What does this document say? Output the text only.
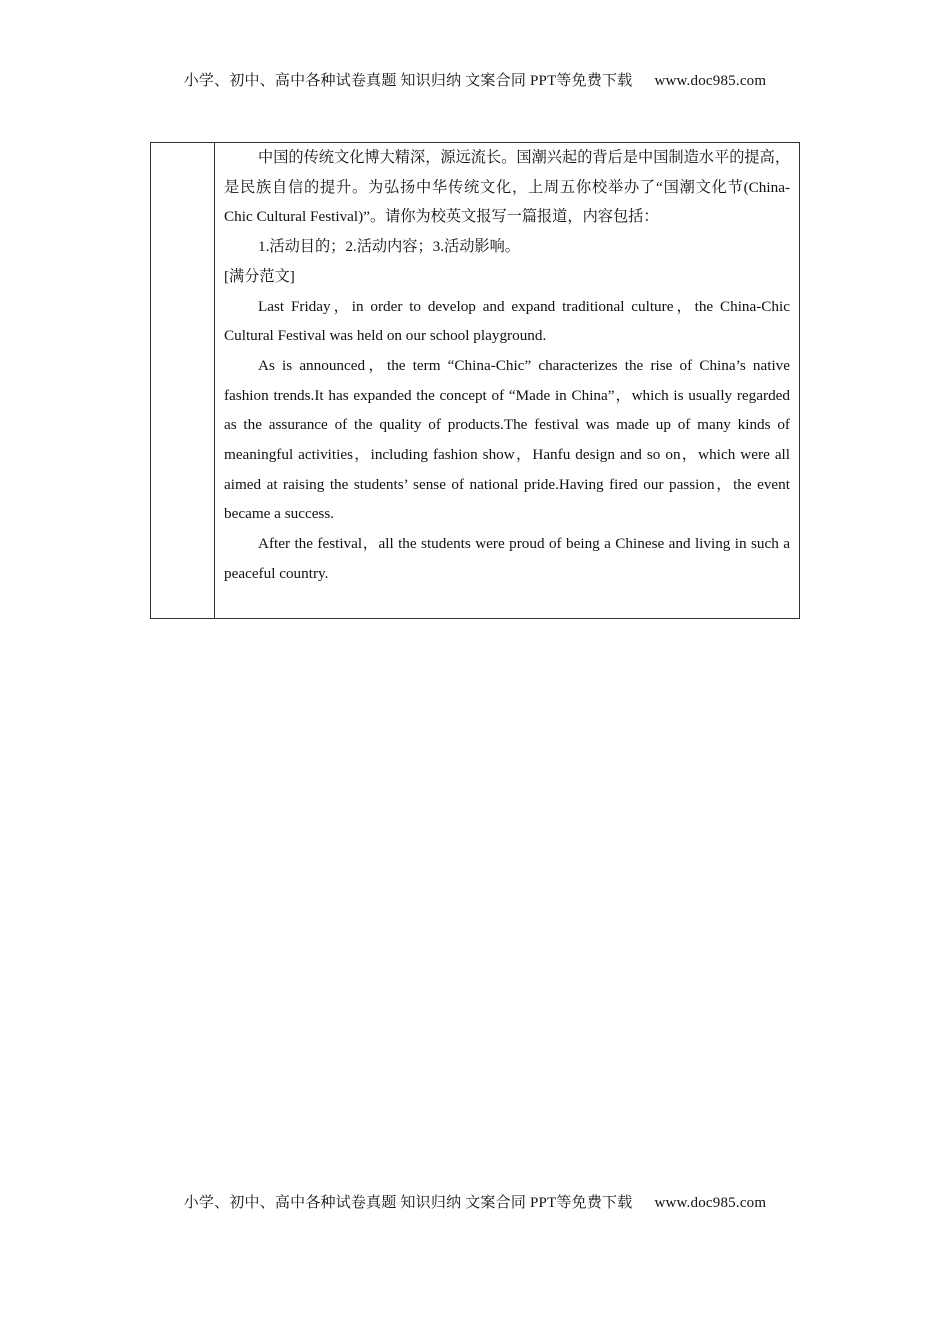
小学、初中、高中各种试卷真题 知识归纳 文案合同 PPT等免费下载 www.doc985.com

中国的传统文化博大精深，源远流长。国潮兴起的背后是中国制造水平的提高，是民族自信的提升。为弘扬中华传统文化，上周五你校举办了“国潮文化节(China-Chic Cultural Festival)”。请你为校英文报写一篇报道，内容包括：

1.活动目的；2.活动内容；3.活动影响。

[满分范文]

Last Friday，in order to develop and expand traditional culture，the China-Chic Cultural Festival was held on our school playground.

As is announced，the term “China-Chic” characterizes the rise of China’s native fashion trends.It has expanded the concept of “Made in China”，which is usually regarded as the assurance of the quality of products.The festival was made up of many kinds of meaningful activities，including fashion show，Hanfu design and so on，which were all aimed at raising the students’ sense of national pride.Having fired our passion，the event became a success.

After the festival，all the students were proud of being a Chinese and living in such a peaceful country.

小学、初中、高中各种试卷真题 知识归纳 文案合同 PPT等免费下载 www.doc985.com
